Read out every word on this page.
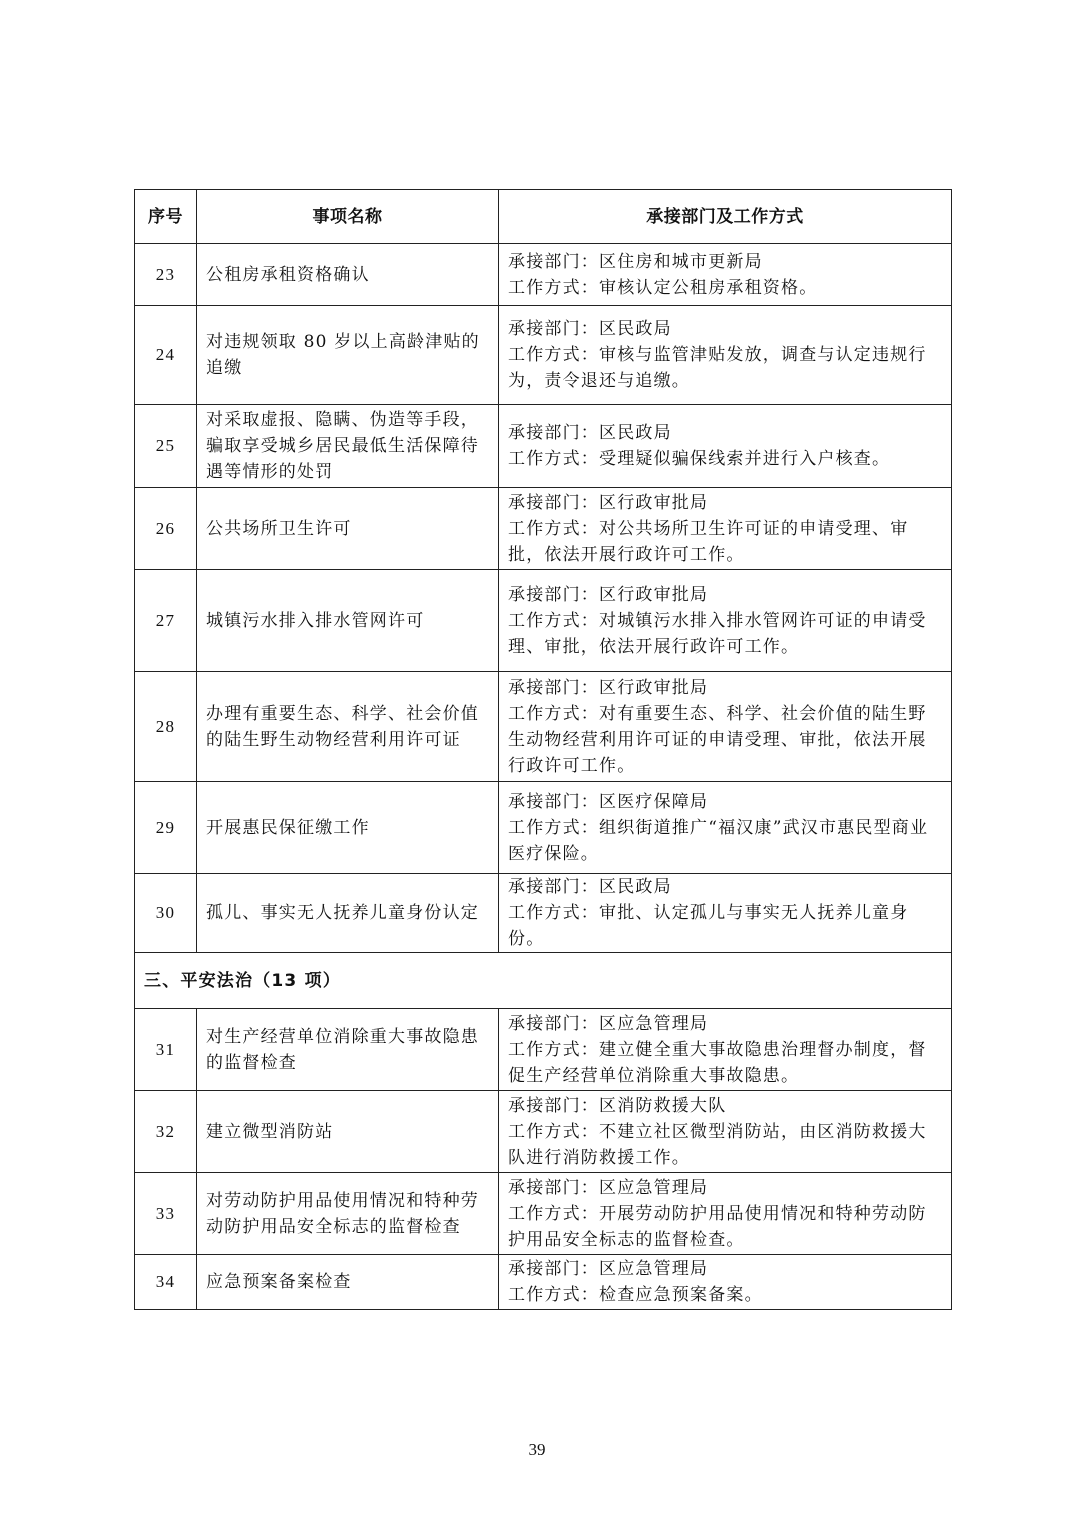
序号	事项名称	承接部门及工作方式
23	公租房承租资格确认	承接部门：区住房和城市更新局
工作方式：审核认定公租房承租资格。

24	对违规领取 80 岁以上高龄津贴的追缴	承接部门：区民政局
工作方式：审核与监管津贴发放，调查与认定违规行为，责令退还与追缴。

25	对采取虚报、隐瞒、伪造等手段，骗取享受城乡居民最低生活保障待遇等情形的处罚	承接部门：区民政局
工作方式：受理疑似骗保线索并进行入户核查。

26	公共场所卫生许可	承接部门：区行政审批局
工作方式：对公共场所卫生许可证的申请受理、审批，依法开展行政许可工作。

27	城镇污水排入排水管网许可	承接部门：区行政审批局
工作方式：对城镇污水排入排水管网许可证的申请受理、审批，依法开展行政许可工作。

28	办理有重要生态、科学、社会价值的陆生野生动物经营利用许可证	承接部门：区行政审批局
工作方式：对有重要生态、科学、社会价值的陆生野生动物经营利用许可证的申请受理、审批，依法开展行政许可工作。

29	开展惠民保征缴工作	承接部门：区医疗保障局
工作方式：组织街道推广“福汉康”武汉市惠民型商业医疗保险。

30	孤儿、事实无人抚养儿童身份认定	承接部门：区民政局
工作方式：审批、认定孤儿与事实无人抚养儿童身份。

三、平安法治（13 项）		
31	对生产经营单位消除重大事故隐患的监督检查	承接部门：区应急管理局
工作方式：建立健全重大事故隐患治理督办制度，督促生产经营单位消除重大事故隐患。

32	建立微型消防站	承接部门：区消防救援大队
工作方式：不建立社区微型消防站，由区消防救援大队进行消防救援工作。

33	对劳动防护用品使用情况和特种劳动防护用品安全标志的监督检查	承接部门：区应急管理局
工作方式：开展劳动防护用品使用情况和特种劳动防护用品安全标志的监督检查。

34	应急预案备案检查	承接部门：区应急管理局
工作方式：检查应急预案备案。
39
